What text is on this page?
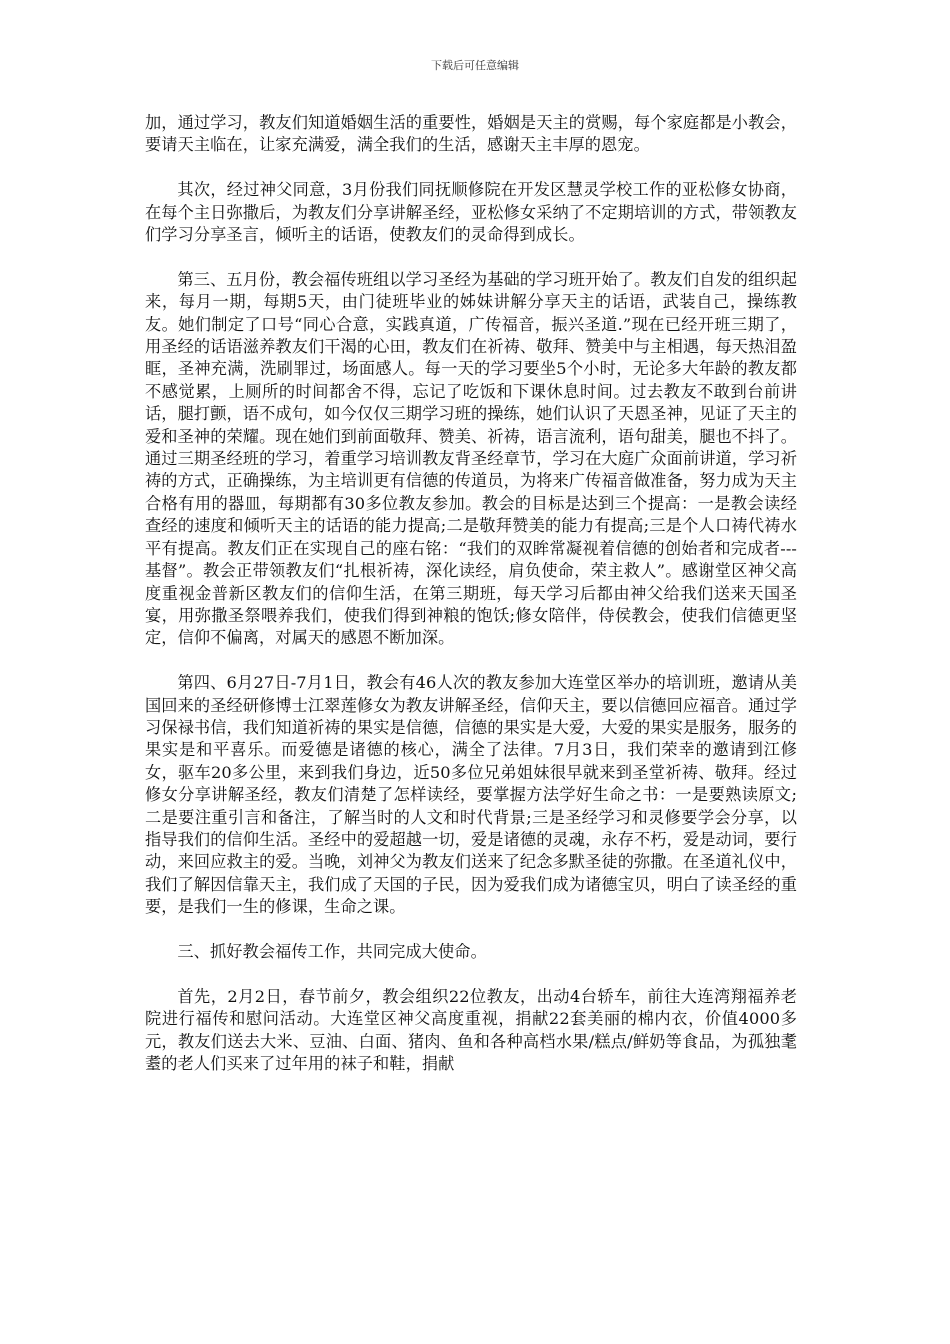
下载后可任意编辑

加，通过学习，教友们知道婚姻生活的重要性，婚姻是天主的赏赐，每个家庭都是小教会，要请天主临在，让家充满爱，满全我们的生活，感谢天主丰厚的恩宠。

其次，经过神父同意，3月份我们同抚顺修院在开发区慧灵学校工作的亚松修女协商，在每个主日弥撒后，为教友们分享讲解圣经，亚松修女采纳了不定期培训的方式，带领教友们学习分享圣言，倾听主的话语，使教友们的灵命得到成长。

第三、五月份，教会福传班组以学习圣经为基础的学习班开始了。教友们自发的组织起来，每月一期，每期5天，由门徒班毕业的姊妹讲解分享天主的话语，武装自己，操练教友。她们制定了口号“同心合意，实践真道，广传福音，振兴圣道.”现在已经开班三期了，用圣经的话语滋养教友们干渴的心田，教友们在祈祷、敬拜、赞美中与主相遇，每天热泪盈眶，圣神充满，洗刷罪过，场面感人。每一天的学习要坐5个小时，无论多大年龄的教友都不感觉累，上厕所的时间都舍不得，忘记了吃饭和下课休息时间。过去教友不敢到台前讲话，腿打颤，语不成句，如今仅仅三期学习班的操练，她们认识了天恩圣神，见证了天主的爱和圣神的荣耀。现在她们到前面敬拜、赞美、祈祷，语言流利，语句甜美，腿也不抖了。通过三期圣经班的学习，着重学习培训教友背圣经章节，学习在大庭广众面前讲道，学习祈祷的方式，正确操练，为主培训更有信德的传道员，为将来广传福音做准备，努力成为天主合格有用的器皿，每期都有30多位教友参加。教会的目标是达到三个提高：一是教会读经查经的速度和倾听天主的话语的能力提高;二是敬拜赞美的能力有提高;三是个人口祷代祷水平有提高。教友们正在实现自己的座右铭：“我们的双眸常凝视着信德的创始者和完成者---基督”。教会正带领教友们“扎根祈祷，深化读经，肩负使命，荣主救人”。感谢堂区神父高度重视金普新区教友们的信仰生活，在第三期班，每天学习后都由神父给我们送来天国圣宴，用弥撒圣祭喂养我们，使我们得到神粮的饱饫;修女陪伴，侍侯教会，使我们信德更坚定，信仰不偏离，对属天的感恩不断加深。

第四、6月27日-7月1日，教会有46人次的教友参加大连堂区举办的培训班，邀请从美国回来的圣经研修博士江翠莲修女为教友讲解圣经，信仰天主，要以信德回应福音。通过学习保禄书信，我们知道祈祷的果实是信德，信德的果实是大爱，大爱的果实是服务，服务的果实是和平喜乐。而爱德是诸德的核心，满全了法律。7月3日，我们荣幸的邀请到江修女，驱车20多公里，来到我们身边，近50多位兄弟姐妹很早就来到圣堂祈祷、敬拜。经过修女分享讲解圣经，教友们清楚了怎样读经，要掌握方法学好生命之书：一是要熟读原文;二是要注重引言和备注，了解当时的人文和时代背景;三是圣经学习和灵修要学会分享，以指导我们的信仰生活。圣经中的爱超越一切，爱是诸德的灵魂，永存不朽，爱是动词，要行动，来回应救主的爱。当晚，刘神父为教友们送来了纪念多默圣徒的弥撒。在圣道礼仪中，我们了解因信靠天主，我们成了天国的子民，因为爱我们成为诸德宝贝，明白了读圣经的重要，是我们一生的修课，生命之课。

三、抓好教会福传工作，共同完成大使命。

首先，2月2日，春节前夕，教会组织22位教友，出动4台轿车，前往大连湾翔福养老院进行福传和慰问活动。大连堂区神父高度重视，捐献22套美丽的棉内衣，价值4000多元，教友们送去大米、豆油、白面、猪肉、鱼和各种高档水果/糕点/鲜奶等食品，为孤独耄耋的老人们买来了过年用的袜子和鞋，捐献
